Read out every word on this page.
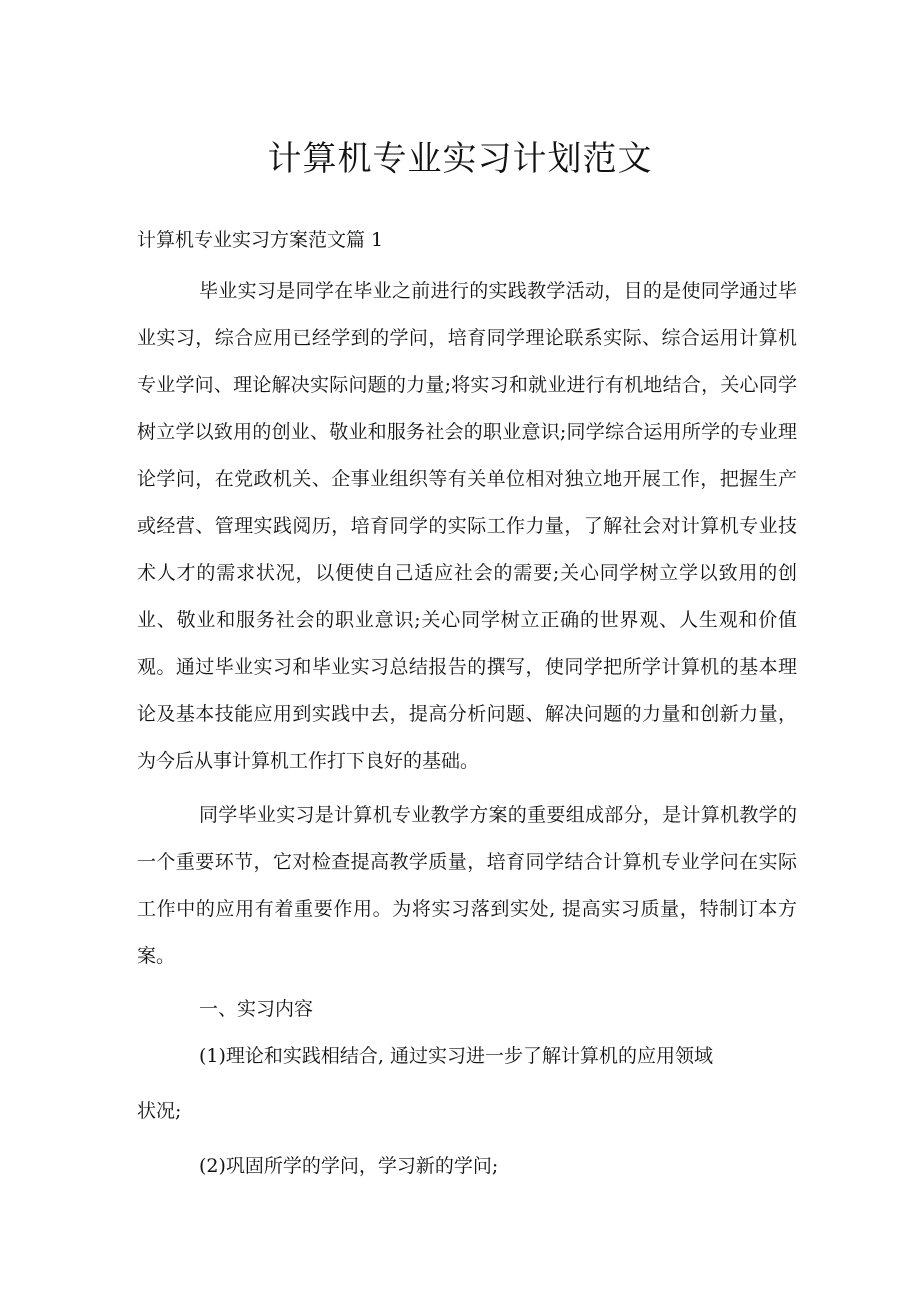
计算机专业实习计划范文

计算机专业实习方案范文篇 1

毕业实习是同学在毕业之前进行的实践教学活动，目的是使同学通过毕业实习，综合应用已经学到的学问，培育同学理论联系实际、综合运用计算机专业学问、理论解决实际问题的力量;将实习和就业进行有机地结合，关心同学树立学以致用的创业、敬业和服务社会的职业意识;同学综合运用所学的专业理论学问，在党政机关、企事业组织等有关单位相对独立地开展工作，把握生产或经营、管理实践阅历，培育同学的实际工作力量，了解社会对计算机专业技术人才的需求状况，以便使自己适应社会的需要;关心同学树立学以致用的创业、敬业和服务社会的职业意识;关心同学树立正确的世界观、人生观和价值观。通过毕业实习和毕业实习总结报告的撰写，使同学把所学计算机的基本理论及基本技能应用到实践中去，提高分析问题、解决问题的力量和创新力量，为今后从事计算机工作打下良好的基础。

同学毕业实习是计算机专业教学方案的重要组成部分，是计算机教学的一个重要环节，它对检查提高教学质量，培育同学结合计算机专业学问在实际工作中的应用有着重要作用。为将实习落到实处, 提高实习质量，特制订本方案。

一、实习内容

(1)理论和实践相结合, 通过实习进一步了解计算机的应用领域

状况;

(2)巩固所学的学问，学习新的学问;
